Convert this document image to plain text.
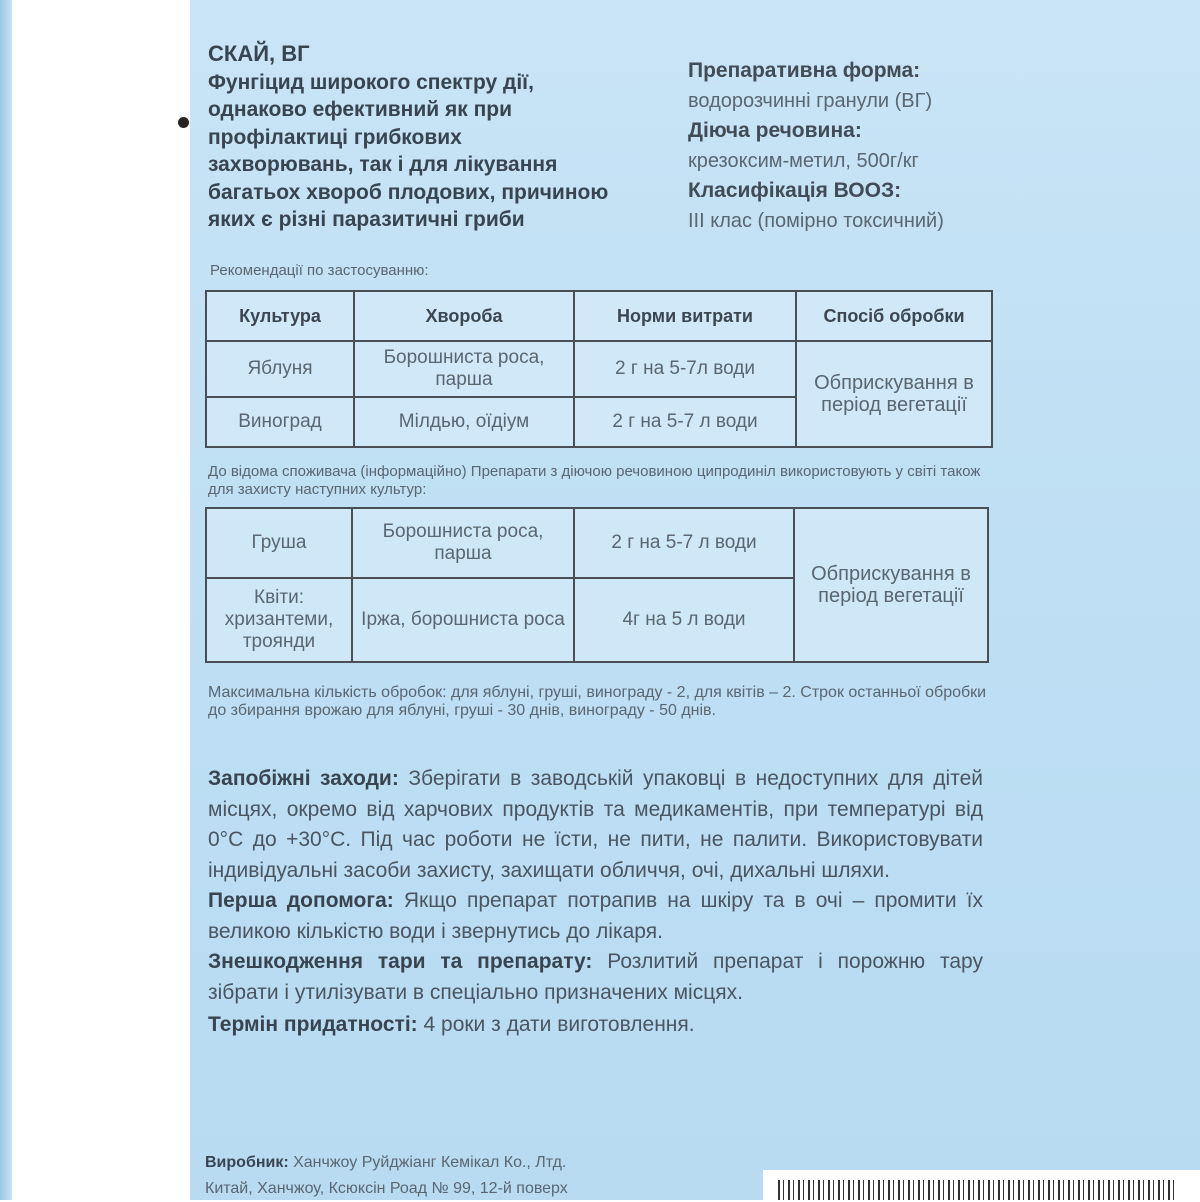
СКАЙ, ВГ
Фунгіцид широкого спектру дії,
однаково ефективний як при
профілактиці грибкових
захворювань, так і для лікування
багатьох хвороб плодових, причиною
яких є різні паразитичні гриби
Препаративна форма:
водорозчинні гранули (ВГ)
Діюча речовина:
крезоксим-метил, 500г/кг
Класифікація ВООЗ:
III клас (помірно токсичний)
Рекомендації по застосуванню:
Культура	Хвороба	Норми витрати	Спосіб обробки
Яблуня	Борошниста роса, парша	2 г на 5-7л води	Обприскування в період вегетації
Виноград	Мілдью, оїдіум	2 г на 5-7 л води	
До відома споживача (інформаційно) Препарати з діючою речовиною ципродиніл використовують у світі також для захисту наступних культур:
Груша	Борошниста роса, парша	2 г на 5-7 л води	Обприскування в період вегетації
Квіти: хризантеми, троянди	Іржа, борошниста роса	4г на 5 л води	
Максимальна кількість обробок: для яблуні, груші, винограду - 2, для квітів – 2. Строк останньої обробки до збирання врожаю для яблуні, груші - 30 днів, винограду - 50 днів.

Запобіжні заходи: Зберігати в заводській упаковці в недоступних для дітей місцях, окремо від харчових продуктів та медикаментів, при температурі від 0°С до +30°С. Під час роботи не їсти, не пити, не палити. Використовувати індивідуальні засоби захисту, захищати обличчя, очі, дихальні шляхи.

Перша допомога: Якщо препарат потрапив на шкіру та в очі – промити їх великою кількістю води і звернутись до лікаря.

Знешкодження тари та препарату: Розлитий препарат і порожню тару зібрати і утилізувати в спеціально призначених місцях.

Термін придатності: 4 роки з дати виготовлення.

Виробник: Ханчжоу Руйджіанг Кемікал Ко., Лтд.
Китай, Ханчжоу, Ксюксін Роад № 99, 12-й поверх
